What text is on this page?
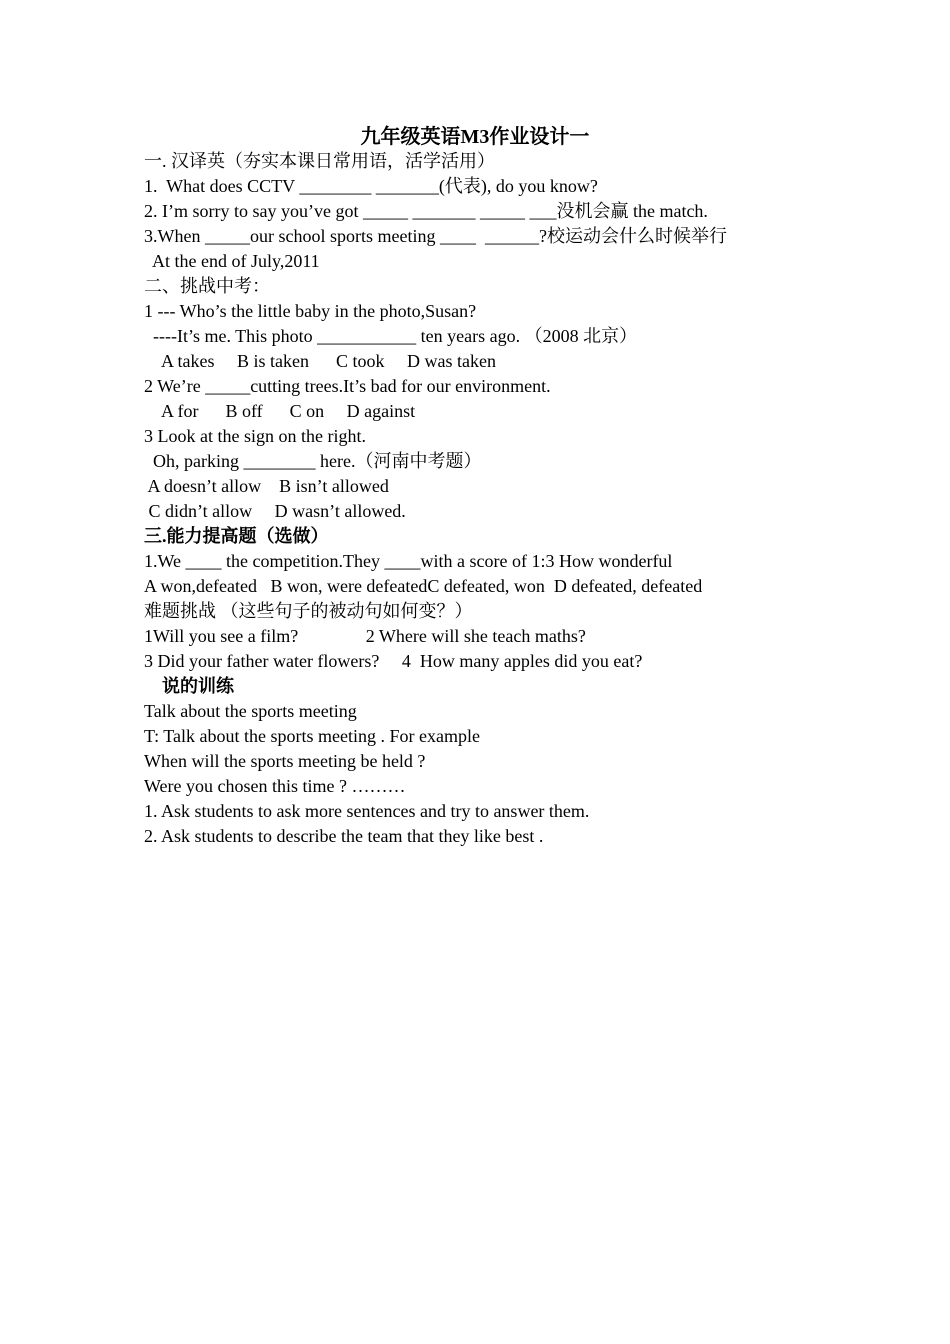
九年级英语M3作业设计一
一. 汉译英（夯实本课日常用语，活学活用）
1.  What does CCTV ________ _______(代表), do you know?
2. I’m sorry to say you’ve got _____ _______ _____ ___没机会赢 the match.
3.When _____our school sports meeting ____  ______?校运动会什么时候举行
At the end of July,2011
二、挑战中考：
1 --- Who’s the little baby in the photo,Susan?
----It’s me. This photo ___________ ten years ago. （2008 北京）
A takes     B is taken      C took     D was taken
2 We’re _____cutting trees.It’s bad for our environment.
A for      B off      C on     D against
3 Look at the sign on the right.
Oh, parking ________ here.（河南中考题）
A doesn’t allow    B isn’t allowed
C didn’t allow     D wasn’t allowed.
三.能力提高题（选做）
1.We ____ the competition.They ____with a score of 1:3 How wonderful
A won,defeated   B won, were defeatedC defeated, won  D defeated, defeated
难题挑战 （这些句子的被动句如何变？）
1Will you see a film?               2 Where will she teach maths?
3 Did your father water flowers?     4  How many apples did you eat?
说的训练
Talk about the sports meeting
T: Talk about the sports meeting . For example
When will the sports meeting be held ?
Were you chosen this time ? ………
1. Ask students to ask more sentences and try to answer them.
2. Ask students to describe the team that they like best .
